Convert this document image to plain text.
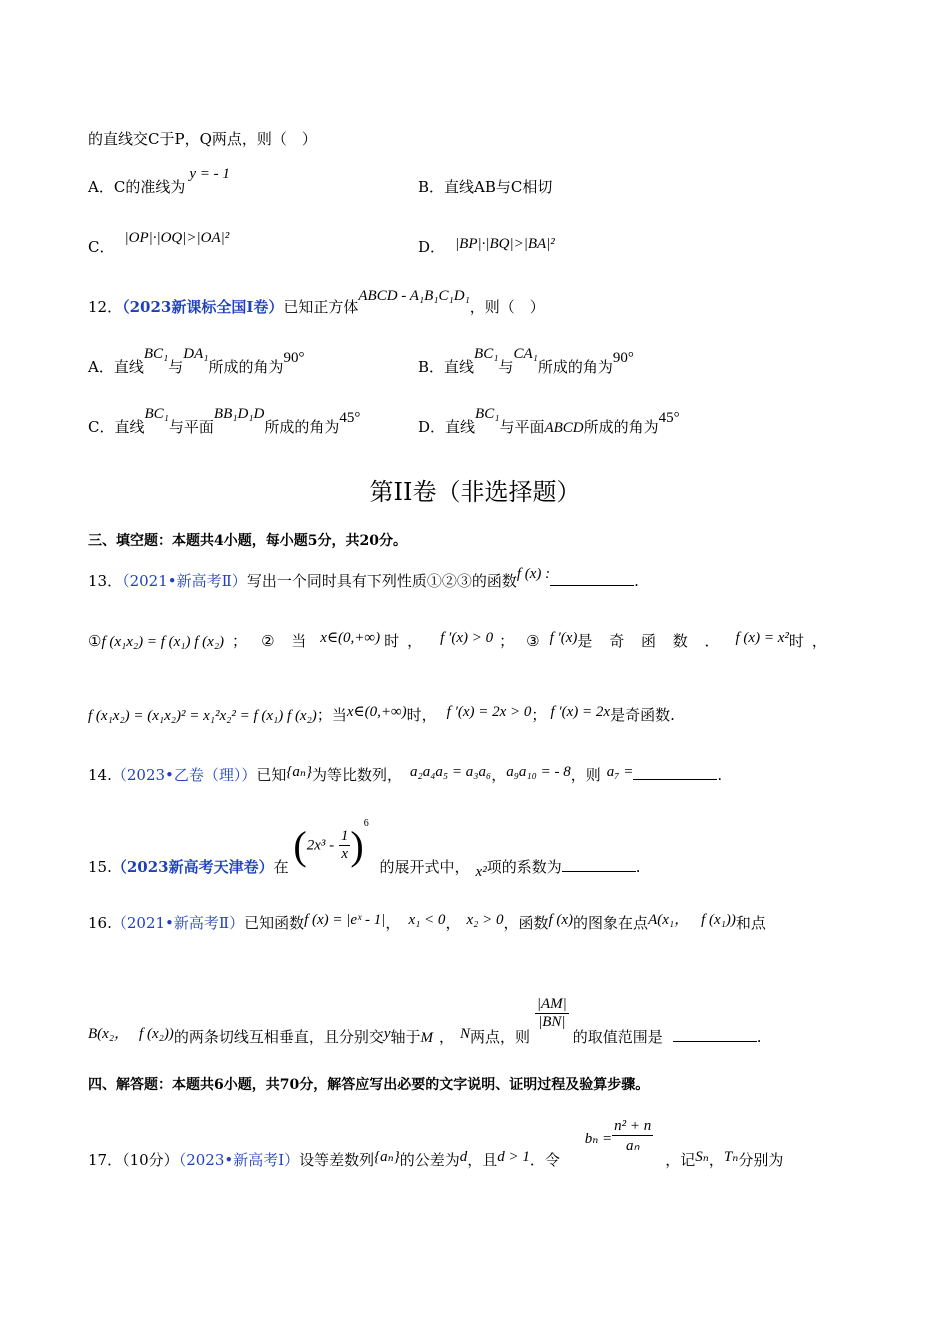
的直线交C于P，Q两点，则（　）
A．C的准线为y = - 1
B．直线AB与C相切
C． |OP|·|OQ|>|OA|²	D． |BP|·|BQ|>|BA|²
12．（2023新课标全国Ⅰ卷）已知正方体ABCD - A₁B₁C₁D₁，则（　）
A．直线BC₁与DA₁所成的角为90°	B．直线BC₁与CA₁所成的角为90°
C．直线BC₁与平面BB₁D₁D所成的角为45°	D．直线BC₁与平面ABCD所成的角为45°
第II卷（非选择题）
三、填空题：本题共4小题，每小题5分，共20分。
13．（2021•新高考Ⅱ）写出一个同时具有下列性质①②③的函数f (x) :	.
①f (x₁x₂) = f (x₁) f (x₂) ； ② 当 x∈(0,+∞) 时， f ′(x) > 0 ； ③ f ′(x)是 奇 函 数 ． f (x) = x²时，
f (x₁x₂) = (x₁x₂)² = x₁²x₂² = f (x₁) f (x₂)；当x∈(0,+∞)时， f ′(x) = 2x > 0； f ′(x) = 2x是奇函数.
14.（2023•乙卷（理））已知{aₙ}为等比数列， a₂a₄a₅ = a₃a₆，a₉a₁₀ = - 8，则 a₇ =	.
15.（2023新高考天津卷）在 $(2x^3 - \frac{1}{x} )^6$ 的展开式中， x²项的系数为	.
16.（2021•新高考Ⅱ）已知函数f (x) = |eˣ - 1|， x₁ < 0， x₂ > 0，函数f (x)的图象在点A(x₁， f (x₁))和点
B(x₂， f (x₂))的两条切线互相垂直，且分别交y轴于M ， N两点，则
$\frac{|AM|}{|BN|}$
的取值范围是	.
四、解答题：本题共6小题，共70分，解答应写出必要的文字说明、证明过程及验算步骤。
17．（10分）（2023•新高考Ⅰ）设等差数列{aₙ}的公差为d，且d > 1．令 $b_n = \frac{\text{n² + n}}{\text{aₙ}}$
，记Sₙ，Tₙ分别为
